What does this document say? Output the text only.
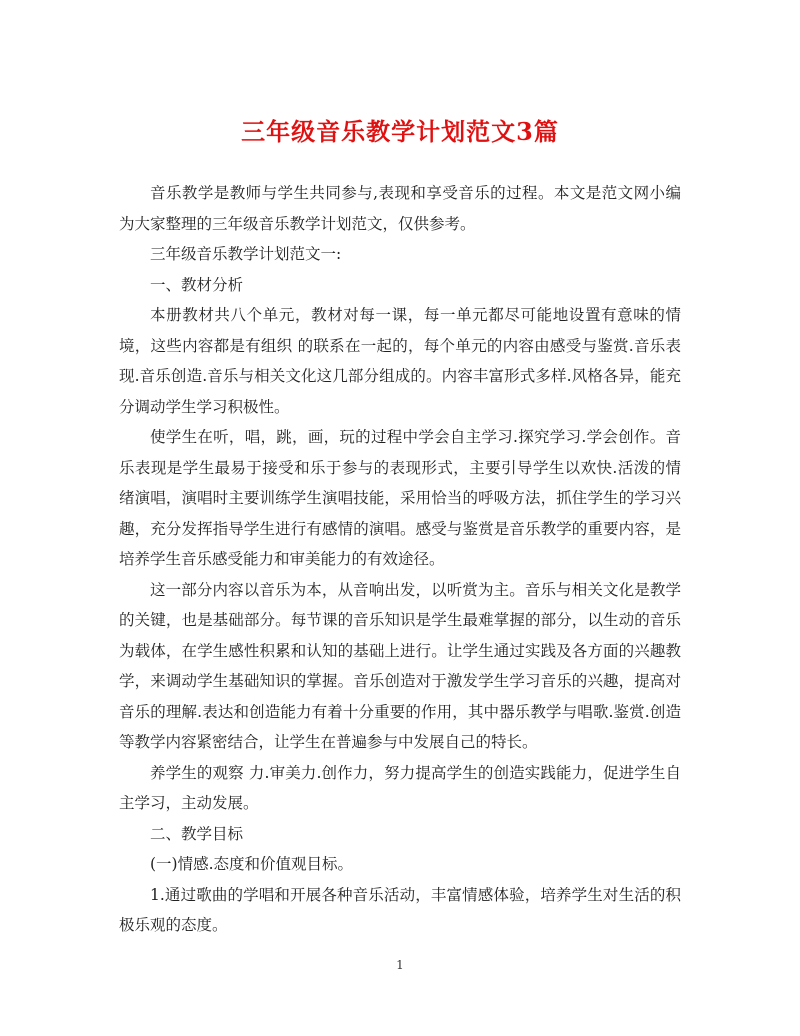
三年级音乐教学计划范文3篇

音乐教学是教师与学生共同参与,表现和享受音乐的过程。本文是范文网小编为大家整理的三年级音乐教学计划范文，仅供参考。

三年级音乐教学计划范文一:

一、教材分析

本册教材共八个单元，教材对每一课，每一单元都尽可能地设置有意味的情境，这些内容都是有组织 的联系在一起的，每个单元的内容由感受与鉴赏.音乐表现.音乐创造.音乐与相关文化这几部分组成的。内容丰富形式多样.风格各异，能充分调动学生学习积极性。

使学生在听，唱，跳，画，玩的过程中学会自主学习.探究学习.学会创作。音乐表现是学生最易于接受和乐于参与的表现形式，主要引导学生以欢快.活泼的情绪演唱，演唱时主要训练学生演唱技能，采用恰当的呼吸方法，抓住学生的学习兴趣，充分发挥指导学生进行有感情的演唱。感受与鉴赏是音乐教学的重要内容，是培养学生音乐感受能力和审美能力的有效途径。

这一部分内容以音乐为本，从音响出发，以听赏为主。音乐与相关文化是教学的关键，也是基础部分。每节课的音乐知识是学生最难掌握的部分，以生动的音乐为载体，在学生感性积累和认知的基础上进行。让学生通过实践及各方面的兴趣教学，来调动学生基础知识的掌握。音乐创造对于激发学生学习音乐的兴趣，提高对音乐的理解.表达和创造能力有着十分重要的作用，其中器乐教学与唱歌.鉴赏.创造等教学内容紧密结合，让学生在普遍参与中发展自己的特长。

养学生的观察 力.审美力.创作力，努力提高学生的创造实践能力，促进学生自主学习，主动发展。

二、教学目标

(一)情感.态度和价值观目标。

1.通过歌曲的学唱和开展各种音乐活动，丰富情感体验，培养学生对生活的积极乐观的态度。

1
